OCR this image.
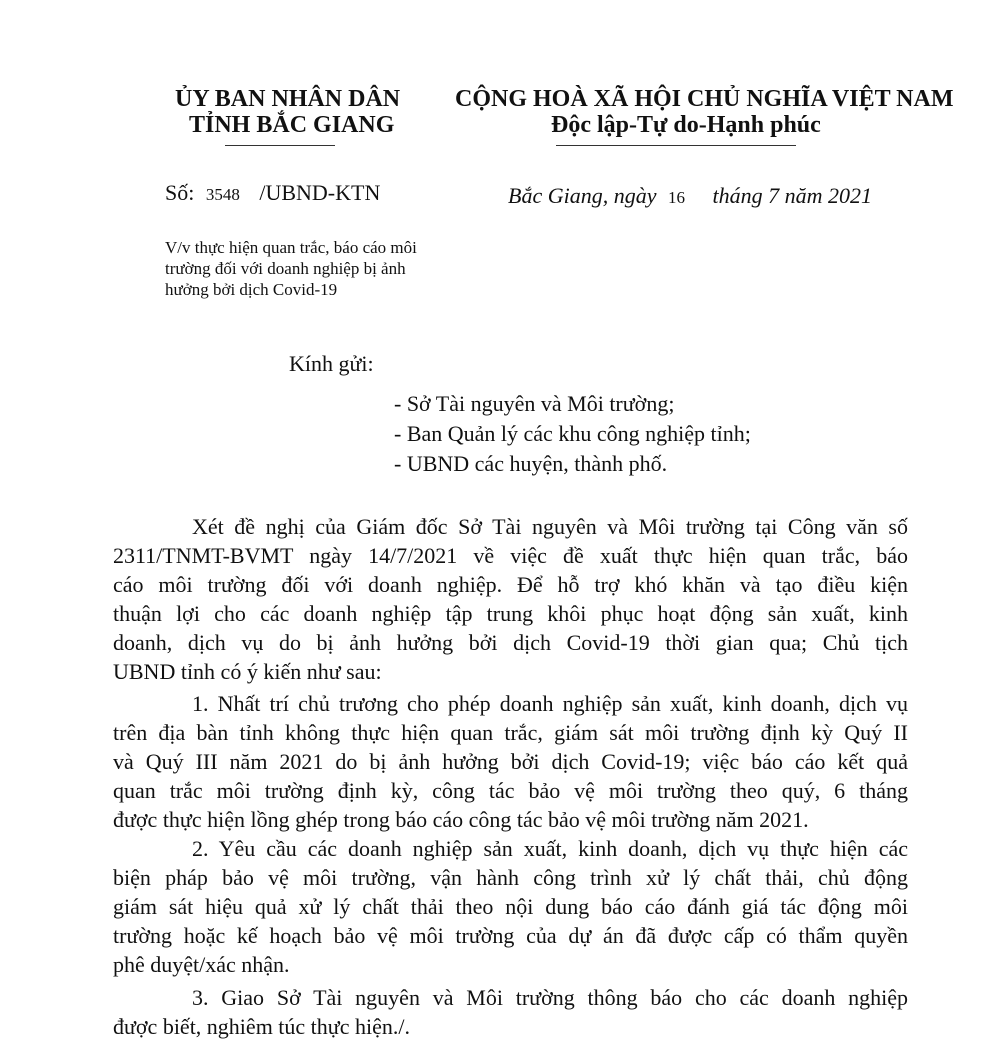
ỦY BAN NHÂN DÂN
TỈNH BẮC GIANG
CỘNG HOÀ XÃ HỘI CHỦ NGHĨA VIỆT NAM
Độc lập-Tự do-Hạnh phúc
Số: 3548 /UBND-KTN	Bắc Giang, ngày 16 tháng 7 năm 2021
V/v thực hiện quan trắc, báo cáo môi
trường đối với doanh nghiệp bị ảnh
hưởng bởi dịch Covid-19
Kính gửi:
- Sở Tài nguyên và Môi trường;
- Ban Quản lý các khu công nghiệp tỉnh;
- UBND các huyện, thành phố.
Xét đề nghị của Giám đốc Sở Tài nguyên và Môi trường tại Công văn số
2311/TNMT-BVMT ngày 14/7/2021 về việc đề xuất thực hiện quan trắc, báo
cáo môi trường đối với doanh nghiệp. Để hỗ trợ khó khăn và tạo điều kiện
thuận lợi cho các doanh nghiệp tập trung khôi phục hoạt động sản xuất, kinh
doanh, dịch vụ do bị ảnh hưởng bởi dịch Covid-19 thời gian qua; Chủ tịch
UBND tỉnh có ý kiến như sau:
1. Nhất trí chủ trương cho phép doanh nghiệp sản xuất, kinh doanh, dịch vụ
trên địa bàn tỉnh không thực hiện quan trắc, giám sát môi trường định kỳ Quý II
và Quý III năm 2021 do bị ảnh hưởng bởi dịch Covid-19; việc báo cáo kết quả
quan trắc môi trường định kỳ, công tác bảo vệ môi trường theo quý, 6 tháng
được thực hiện lồng ghép trong báo cáo công tác bảo vệ môi trường năm 2021.
2. Yêu cầu các doanh nghiệp sản xuất, kinh doanh, dịch vụ thực hiện các
biện pháp bảo vệ môi trường, vận hành công trình xử lý chất thải, chủ động
giám sát hiệu quả xử lý chất thải theo nội dung báo cáo đánh giá tác động môi
trường hoặc kế hoạch bảo vệ môi trường của dự án đã được cấp có thẩm quyền
phê duyệt/xác nhận.
3. Giao Sở Tài nguyên và Môi trường thông báo cho các doanh nghiệp
được biết, nghiêm túc thực hiện./.
